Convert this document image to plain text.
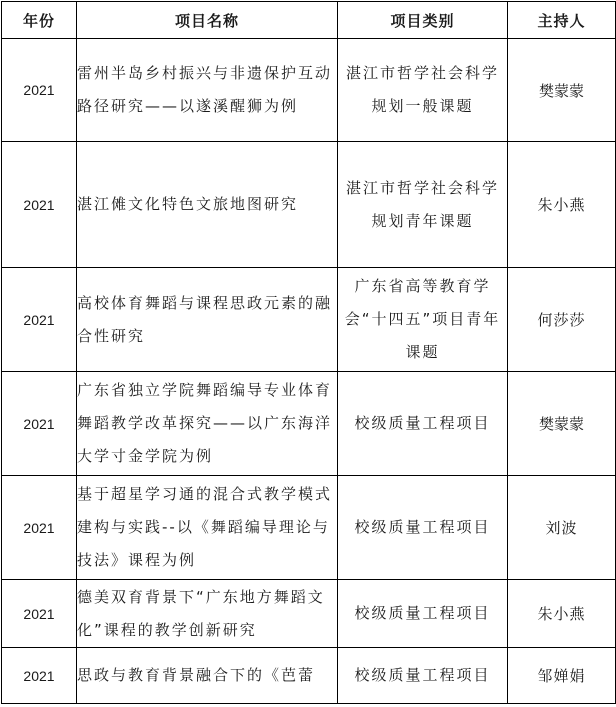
年份	项目名称	项目类别	主持人
2021	雷州半岛乡村振兴与非遗保护互动路径研究——以遂溪醒狮为例	湛江市哲学社会科学规划一般课题	樊蒙蒙
2021	湛江傩文化特色文旅地图研究	湛江市哲学社会科学规划青年课题	朱小燕
2021	高校体育舞蹈与课程思政元素的融合性研究	广东省高等教育学会“十四五”项目青年课题	何莎莎
2021	广东省独立学院舞蹈编导专业体育舞蹈教学改革探究——以广东海洋大学寸金学院为例	校级质量工程项目	樊蒙蒙
2021	基于超星学习通的混合式教学模式建构与实践--以《舞蹈编导理论与技法》课程为例	校级质量工程项目	刘波
2021	德美双育背景下“广东地方舞蹈文化”课程的教学创新研究	校级质量工程项目	朱小燕
2021	思政与教育背景融合下的《芭蕾	校级质量工程项目	邹婵娟
